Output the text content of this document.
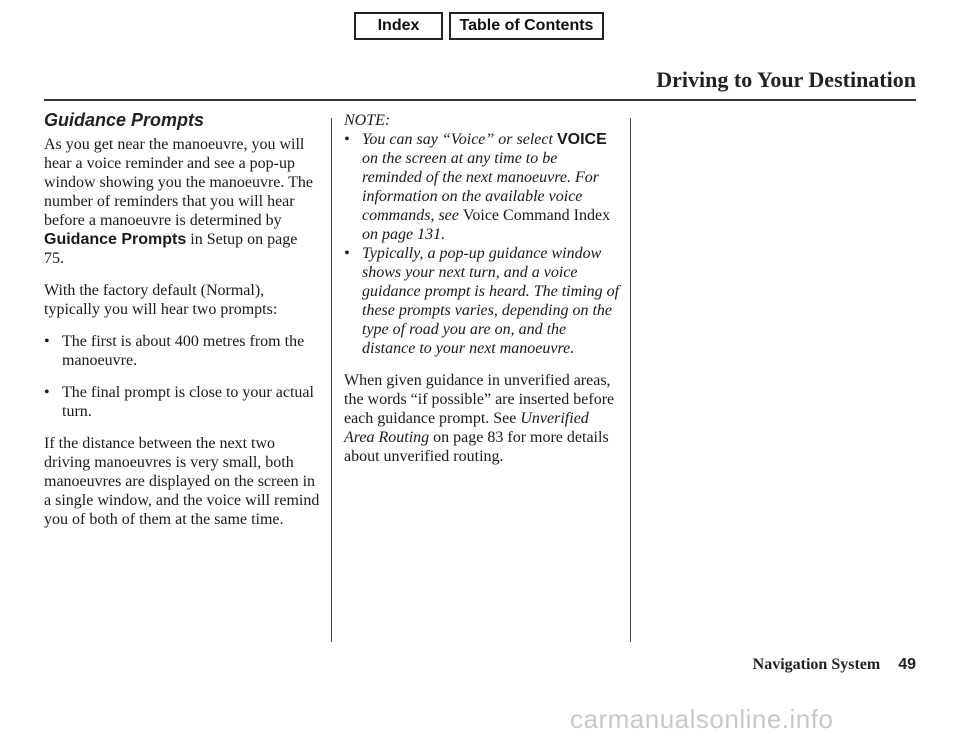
Index	Table of Contents
Driving to Your Destination
Guidance Prompts

As you get near the manoeuvre, you will hear a voice reminder and see a pop-up window showing you the manoeuvre. The number of reminders that you will hear before a manoeuvre is determined by Guidance Prompts in Setup on page 75.

With the factory default (Normal), typically you will hear two prompts:

• The first is about 400 metres from the manoeuvre.
• The final prompt is close to your actual turn.

If the distance between the next two driving manoeuvres is very small, both manoeuvres are displayed on the screen in a single window, and the voice will remind you of both of them at the same time.

NOTE:

• You can say “Voice” or select VOICE on the screen at any time to be reminded of the next manoeuvre. For information on the available voice commands, see Voice Command Index on page 131.
• Typically, a pop-up guidance window shows your next turn, and a voice guidance prompt is heard. The timing of these prompts varies, depending on the type of road you are on, and the distance to your next manoeuvre.

When given guidance in unverified areas, the words “if possible” are inserted before each guidance prompt. See Unverified Area Routing on page 83 for more details about unverified routing.

Navigation System 49
carmanualsonline.info
